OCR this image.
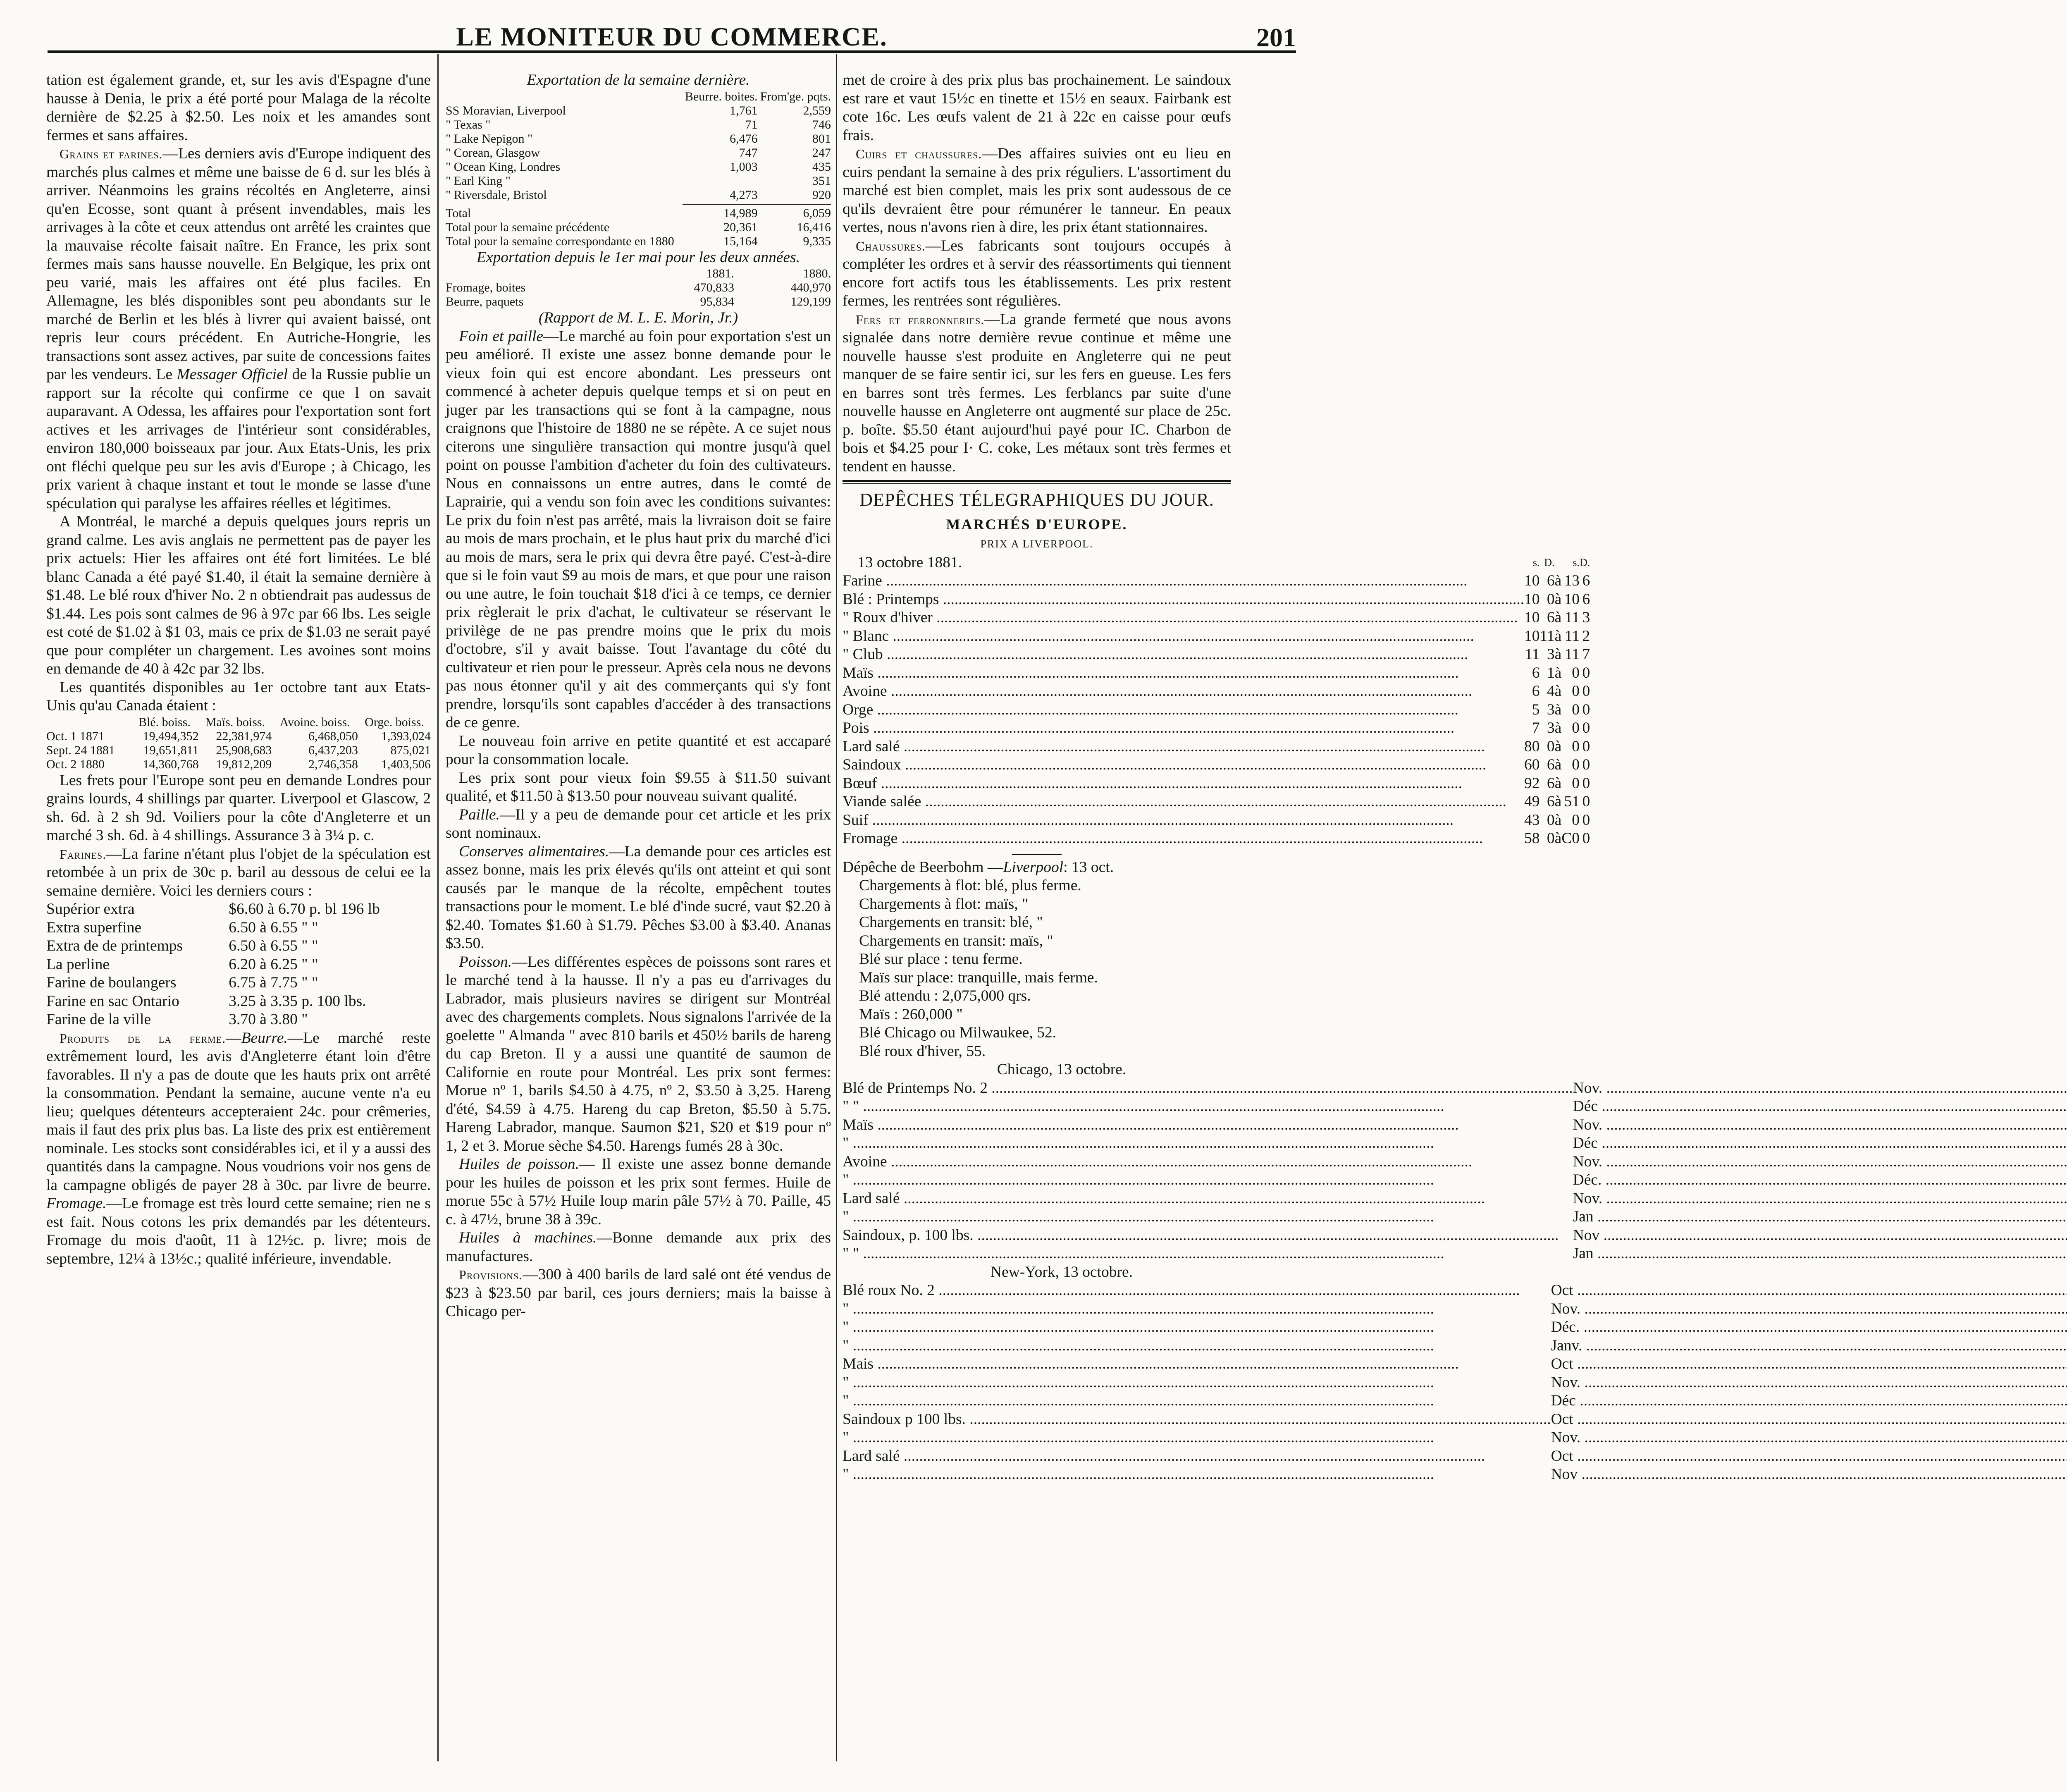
LE MONITEUR DU COMMERCE.	201

tation est également grande, et, sur les avis d'Espagne d'une hausse à Denia, le prix a été porté pour Malaga de la récolte dernière de $2.25 à $2.50. Les noix et les amandes sont fermes et sans affaires.

Grains et farines.—Les derniers avis d'Europe indiquent des marchés plus calmes et même une baisse de 6 d. sur les blés à arriver. Néanmoins les grains récoltés en Angleterre, ainsi qu'en Ecosse, sont quant à présent invendables, mais les arrivages à la côte et ceux attendus ont arrêté les craintes que la mauvaise récolte faisait naître. En France, les prix sont fermes mais sans hausse nouvelle. En Belgique, les prix ont peu varié, mais les affaires ont été plus faciles. En Allemagne, les blés disponibles sont peu abondants sur le marché de Berlin et les blés à livrer qui avaient baissé, ont repris leur cours précédent. En Autriche-Hongrie, les transactions sont assez actives, par suite de concessions faites par les vendeurs. Le Messager Officiel de la Russie publie un rapport sur la récolte qui confirme ce que l on savait auparavant. A Odessa, les affaires pour l'exportation sont fort actives et les arrivages de l'intérieur sont considérables, environ 180,000 boisseaux par jour. Aux Etats-Unis, les prix ont fléchi quelque peu sur les avis d'Europe ; à Chicago, les prix varient à chaque instant et tout le monde se lasse d'une spéculation qui paralyse les affaires réelles et légitimes.

A Montréal, le marché a depuis quelques jours repris un grand calme. Les avis anglais ne permettent pas de payer les prix actuels: Hier les affaires ont été fort limitées. Le blé blanc Canada a été payé $1.40, il était la semaine dernière à $1.48. Le blé roux d'hiver No. 2 n obtiendrait pas audessus de $1.44. Les pois sont calmes de 96 à 97c par 66 lbs. Les seigle est coté de $1.02 à $1 03, mais ce prix de $1.03 ne serait payé que pour compléter un chargement. Les avoines sont moins en demande de 40 à 42c par 32 lbs.

Les quantités disponibles au 1er octobre tant aux Etats-Unis qu'au Canada étaient :

	Blé. boiss.	Maïs. boiss.	Avoine. boiss.	Orge. boiss.
Oct. 1 1871	19,494,352	22,381,974	6,468,050	1,393,024
Sept. 24 1881	19,651,811	25,908,683	6,437,203	875,021
Oct. 2 1880	14,360,768	19,812,209	2,746,358	1,403,506

Les frets pour l'Europe sont peu en demande Londres pour grains lourds, 4 shillings par quarter. Liverpool et Glascow, 2 sh. 6d. à 2 sh 9d. Voiliers pour la côte d'Angleterre et un marché 3 sh. 6d. à 4 shillings. Assurance 3 à 3¼ p. c.

Farines.—La farine n'étant plus l'objet de la spéculation est retombée à un prix de 30c p. baril au dessous de celui ee la semaine dernière. Voici les derniers cours :

Supérior extra	$6.60 à 6.70 p. bl 196 lb
Extra superfine	6.50 à 6.55 " "
Extra de de printemps	6.50 à 6.55 " "
La perline	6.20 à 6.25 " "
Farine de boulangers	6.75 à 7.75 " "
Farine en sac Ontario	3.25 à 3.35 p. 100 lbs.
Farine de la ville	3.70 à 3.80 "

Produits de la ferme.—Beurre.—Le marché reste extrêmement lourd, les avis d'Angleterre étant loin d'être favorables. Il n'y a pas de doute que les hauts prix ont arrêté la consommation. Pendant la semaine, aucune vente n'a eu lieu; quelques détenteurs accepteraient 24c. pour crêmeries, mais il faut des prix plus bas. La liste des prix est entièrement nominale. Les stocks sont considérables ici, et il y a aussi des quantités dans la campagne. Nous voudrions voir nos gens de la campagne obligés de payer 28 à 30c. par livre de beurre. Fromage.—Le fromage est très lourd cette semaine; rien ne s est fait. Nous cotons les prix demandés par les détenteurs. Fromage du mois d'août, 11 à 12½c. p. livre; mois de septembre, 12¼ à 13½c.; qualité inférieure, invendable.

Exportation de la semaine dernière.

	Beurre. boites.	From'ge. pqts.
SS Moravian, Liverpool	1,761	2,559
" Texas "	71	746
" Lake Nepigon "	6,476	801
" Corean, Glasgow	747	247
" Ocean King, Londres	1,003	435
" Earl King "		351
" Riversdale, Bristol	4,273	920

Total	14,989	6,059
Total pour la semaine précédente	20,361	16,416
Total pour la semaine correspondante en 1880	15,164	9,335

Exportation depuis le 1er mai pour les deux années.

	1881.	1880.
Fromage, boites	470,833	440,970
Beurre, paquets	95,834	129,199

(Rapport de M. L. E. Morin, Jr.)

Foin et paille—Le marché au foin pour exportation s'est un peu amélioré. Il existe une assez bonne demande pour le vieux foin qui est encore abondant. Les presseurs ont commencé à acheter depuis quelque temps et si on peut en juger par les transactions qui se font à la campagne, nous craignons que l'histoire de 1880 ne se répète. A ce sujet nous citerons une singulière transaction qui montre jusqu'à quel point on pousse l'ambition d'acheter du foin des cultivateurs. Nous en connaissons un entre autres, dans le comté de Laprairie, qui a vendu son foin avec les conditions suivantes: Le prix du foin n'est pas arrêté, mais la livraison doit se faire au mois de mars prochain, et le plus haut prix du marché d'ici au mois de mars, sera le prix qui devra être payé. C'est-à-dire que si le foin vaut $9 au mois de mars, et que pour une raison ou une autre, le foin touchait $18 d'ici à ce temps, ce dernier prix règlerait le prix d'achat, le cultivateur se réservant le privilège de ne pas prendre moins que le prix du mois d'octobre, s'il y avait baisse. Tout l'avantage du côté du cultivateur et rien pour le presseur. Après cela nous ne devons pas nous étonner qu'il y ait des commerçants qui s'y font prendre, lorsqu'ils sont capables d'accéder à des transactions de ce genre.

Le nouveau foin arrive en petite quantité et est accaparé pour la consommation locale.

Les prix sont pour vieux foin $9.55 à $11.50 suivant qualité, et $11.50 à $13.50 pour nouveau suivant qualité.

Paille.—Il y a peu de demande pour cet article et les prix sont nominaux.

Conserves alimentaires.—La demande pour ces articles est assez bonne, mais les prix élevés qu'ils ont atteint et qui sont causés par le manque de la récolte, empêchent toutes transactions pour le moment. Le blé d'inde sucré, vaut $2.20 à $2.40. Tomates $1.60 à $1.79. Pêches $3.00 à $3.40. Ananas $3.50.

Poisson.—Les différentes espèces de poissons sont rares et le marché tend à la hausse. Il n'y a pas eu d'arrivages du Labrador, mais plusieurs navires se dirigent sur Montréal avec des chargements complets. Nous signalons l'arrivée de la goelette " Almanda " avec 810 barils et 450½ barils de hareng du cap Breton. Il y a aussi une quantité de saumon de Californie en route pour Montréal. Les prix sont fermes: Morue nº 1, barils $4.50 à 4.75, nº 2, $3.50 à 3,25. Hareng d'été, $4.59 à 4.75. Hareng du cap Breton, $5.50 à 5.75. Hareng Labrador, manque. Saumon $21, $20 et $19 pour nº 1, 2 et 3. Morue sèche $4.50. Harengs fumés 28 à 30c.

Huiles de poisson.— Il existe une assez bonne demande pour les huiles de poisson et les prix sont fermes. Huile de morue 55c à 57½ Huile loup marin pâle 57½ à 70. Paille, 45 c. à 47½, brune 38 à 39c.

Huiles à machines.—Bonne demande aux prix des manufactures.

Provisions.—300 à 400 barils de lard salé ont été vendus de $23 à $23.50 par baril, ces jours derniers; mais la baisse à Chicago per-

met de croire à des prix plus bas prochainement. Le saindoux est rare et vaut 15½c en tinette et 15½ en seaux. Fairbank est cote 16c. Les œufs valent de 21 à 22c en caisse pour œufs frais.

Cuirs et chaussures.—Des affaires suivies ont eu lieu en cuirs pendant la semaine à des prix réguliers. L'assortiment du marché est bien complet, mais les prix sont audessous de ce qu'ils devraient être pour rémunérer le tanneur. En peaux vertes, nous n'avons rien à dire, les prix étant stationnaires.

Chaussures.—Les fabricants sont toujours occupés à compléter les ordres et à servir des réassortiments qui tiennent encore fort actifs tous les établissements. Les prix restent fermes, les rentrées sont régulières.

Fers et ferronneries.—La grande fermeté que nous avons signalée dans notre dernière revue continue et même une nouvelle hausse s'est produite en Angleterre qui ne peut manquer de se faire sentir ici, sur les fers en gueuse. Les fers en barres sont très fermes. Les ferblancs par suite d'une nouvelle hausse en Angleterre ont augmenté sur place de 25c. p. boîte. $5.50 étant aujourd'hui payé pour IC. Charbon de bois et $4.25 pour I· C. coke, Les métaux sont très fermes et tendent en hausse.

DEPÊCHES TÉLEGRAPHIQUES DU JOUR.

MARCHÉS D'EUROPE.

PRIX A LIVERPOOL.

13 octobre 1881.	s.	D.		s.	D.

Farine .....	10	6	à	13	6

Blé : Printemps .....	10	0	à	10	6

" Roux d'hiver .....	10	6	à	11	3

" Blanc .....	10	11	à	11	2

" Club .....	11	3	à	11	7

Maïs .....	6	1	à	0	0

Avoine .....	6	4	à	0	0

Orge .....	5	3	à	0	0

Pois .....	7	3	à	0	0

Lard salé .....	80	0	à	0	0

Saindoux .....	60	6	à	0	0

Bœuf .....	92	6	à	0	0

Viande salée .....	49	6	à	51	0

Suif .....	43	0	à	0	0

Fromage .....	58	0	à	C0	0

Dépêche de Beerbohm —Liverpool: 13 oct.

Chargements à flot: blé, plus ferme.
Chargements à flot: maïs, "
Chargements en transit: blé, "
Chargements en transit: maïs, "
Blé sur place : tenu ferme.
Maïs sur place: tranquille, mais ferme.
Blé attendu : 2,075,000 qrs.
Maïs : 260,000 "
Blé Chicago ou Milwaukee, 52.
Blé roux d'hiver, 55.

Chicago, 13 octobre.

Blé de Printemps No. 2 .....	Nov. .....

" " .....	Déc .....

Maïs .....	Nov. .....

" .....	Déc .....

Avoine .....	Nov. .....

" .....	Déc. .....

Lard salé .....	Nov. .....

" .....	Jan .....

Saindoux, p. 100 lbs. .....	Nov .....

" " .....	Jan .....

New-York, 13 octobre.

Blé roux No. 2 .....	Oct .....

" .....	Nov. .....

" .....	Déc. .....

" .....	Janv. .....

Mais .....	Oct .....

" .....	Nov. .....

" .....	Déc .....

Saindoux p 100 lbs. .....	Oct .....

" .....	Nov. .....

Lard salé .....	Oct .....

" .....	Nov .....
